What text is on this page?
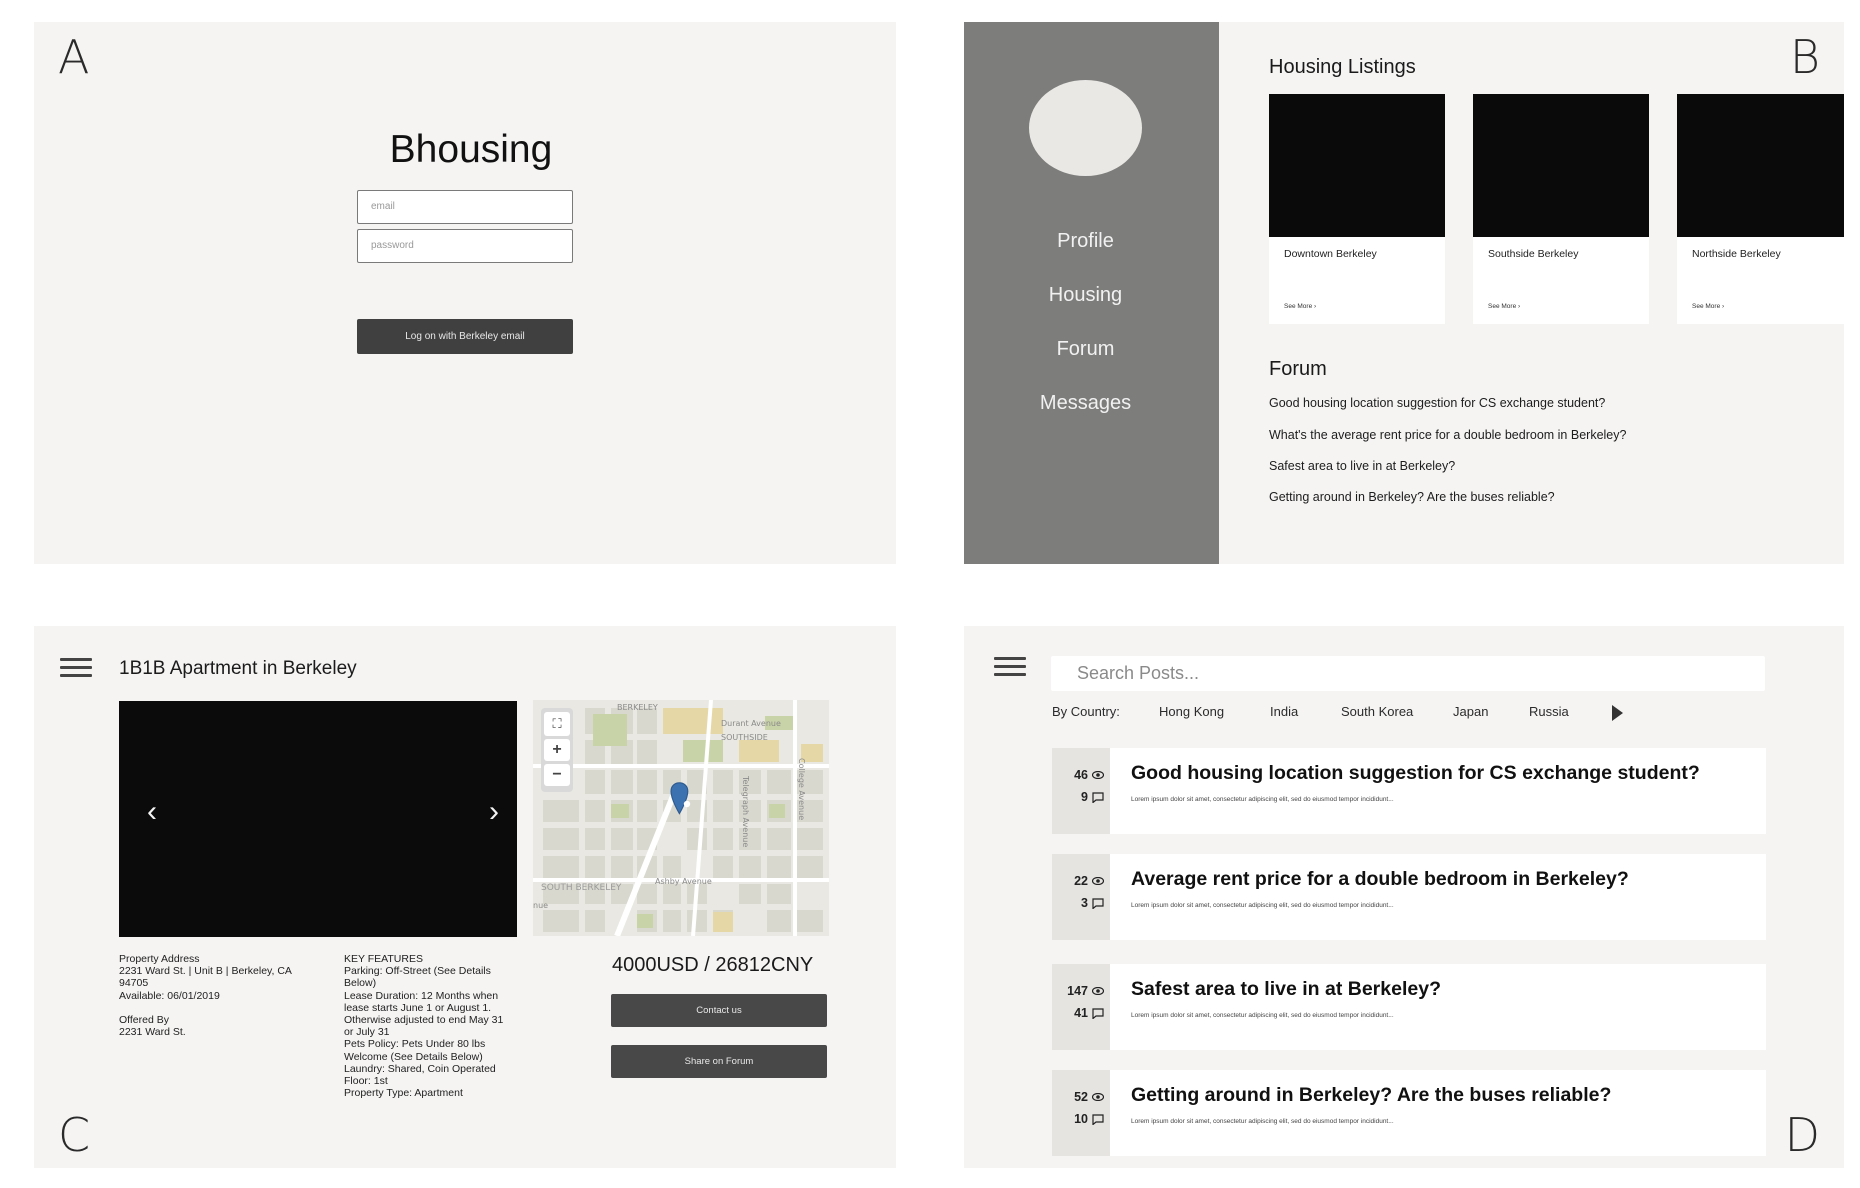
A
Bhousing
email
password
Log on with Berkeley email
Profile
Housing
Forum
Messages
B
Housing Listings
Downtown Berkeley
See More ›
Southside Berkeley
See More ›
Northside Berkeley
See More ›
Forum
Good housing location suggestion for CS exchange student?
What's the average rent price for a double bedroom in Berkeley?
Safest area to live in at Berkeley?
Getting around in Berkeley? Are the buses reliable?
1B1B Apartment in Berkeley
‹	›
BERKELEY
Durant Avenue
SOUTHSIDE
College Avenue
Telegraph Avenue
SOUTH BERKELEY
Ashby Avenue
nue
⛶
+
−
Property Address
2231 Ward St. | Unit B | Berkeley, CA
94705
Available: 06/01/2019
Offered By
2231 Ward St.
KEY FEATURES
Parking: Off-Street (See Details
Below)
Lease Duration: 12 Months when
lease starts June 1 or August 1.
Otherwise adjusted to end May 31
or July 31
Pets Policy: Pets Under 80 lbs
Welcome (See Details Below)
Laundry: Shared, Coin Operated
Floor: 1st
Property Type: Apartment
4000USD / 26812CNY
Contact us
Share on Forum
C
Search Posts...
By Country:	Hong Kong	India	South Korea	Japan	Russia
46
9
Good housing location suggestion for CS exchange student?
Lorem ipsum dolor sit amet, consectetur adipiscing elit, sed do eiusmod tempor incididunt...
22
3
Average rent price for a double bedroom in Berkeley?
Lorem ipsum dolor sit amet, consectetur adipiscing elit, sed do eiusmod tempor incididunt...
147
41
Safest area to live in at Berkeley?
Lorem ipsum dolor sit amet, consectetur adipiscing elit, sed do eiusmod tempor incididunt...
52
10
Getting around in Berkeley? Are the buses reliable?
Lorem ipsum dolor sit amet, consectetur adipiscing elit, sed do eiusmod tempor incididunt...	D
